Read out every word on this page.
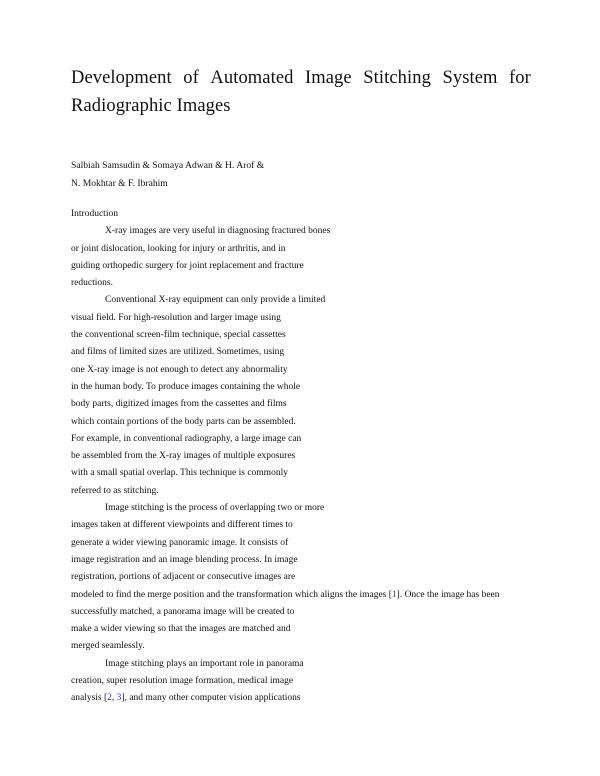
Development of Automated Image Stitching System for
Radiographic Images
Salbiah Samsudin & Somaya Adwan & H. Arof &
N. Mokhtar & F. Ibrahim
Introduction
X-ray images are very useful in diagnosing fractured bones
or joint dislocation, looking for injury or arthritis, and in
guiding orthopedic surgery for joint replacement and fracture
reductions.
Conventional X-ray equipment can only provide a limited
visual field. For high-resolution and larger image using
the conventional screen-film technique, special cassettes
and films of limited sizes are utilized. Sometimes, using
one X-ray image is not enough to detect any abnormality
in the human body. To produce images containing the whole
body parts, digitized images from the cassettes and films
which contain portions of the body parts can be assembled.
For example, in conventional radiography, a large image can
be assembled from the X-ray images of multiple exposures
with a small spatial overlap. This technique is commonly
referred to as stitching.
Image stitching is the process of overlapping two or more
images taken at different viewpoints and different times to
generate a wider viewing panoramic image. It consists of
image registration and an image blending process. In image
registration, portions of adjacent or consecutive images are
modeled to find the merge position and the transformation which aligns the images [1]. Once the image has been
successfully matched, a panorama image will be created to
make a wider viewing so that the images are matched and
merged seamlessly.
Image stitching plays an important role in panorama
creation, super resolution image formation, medical image
analysis [2, 3], and many other computer vision applications
